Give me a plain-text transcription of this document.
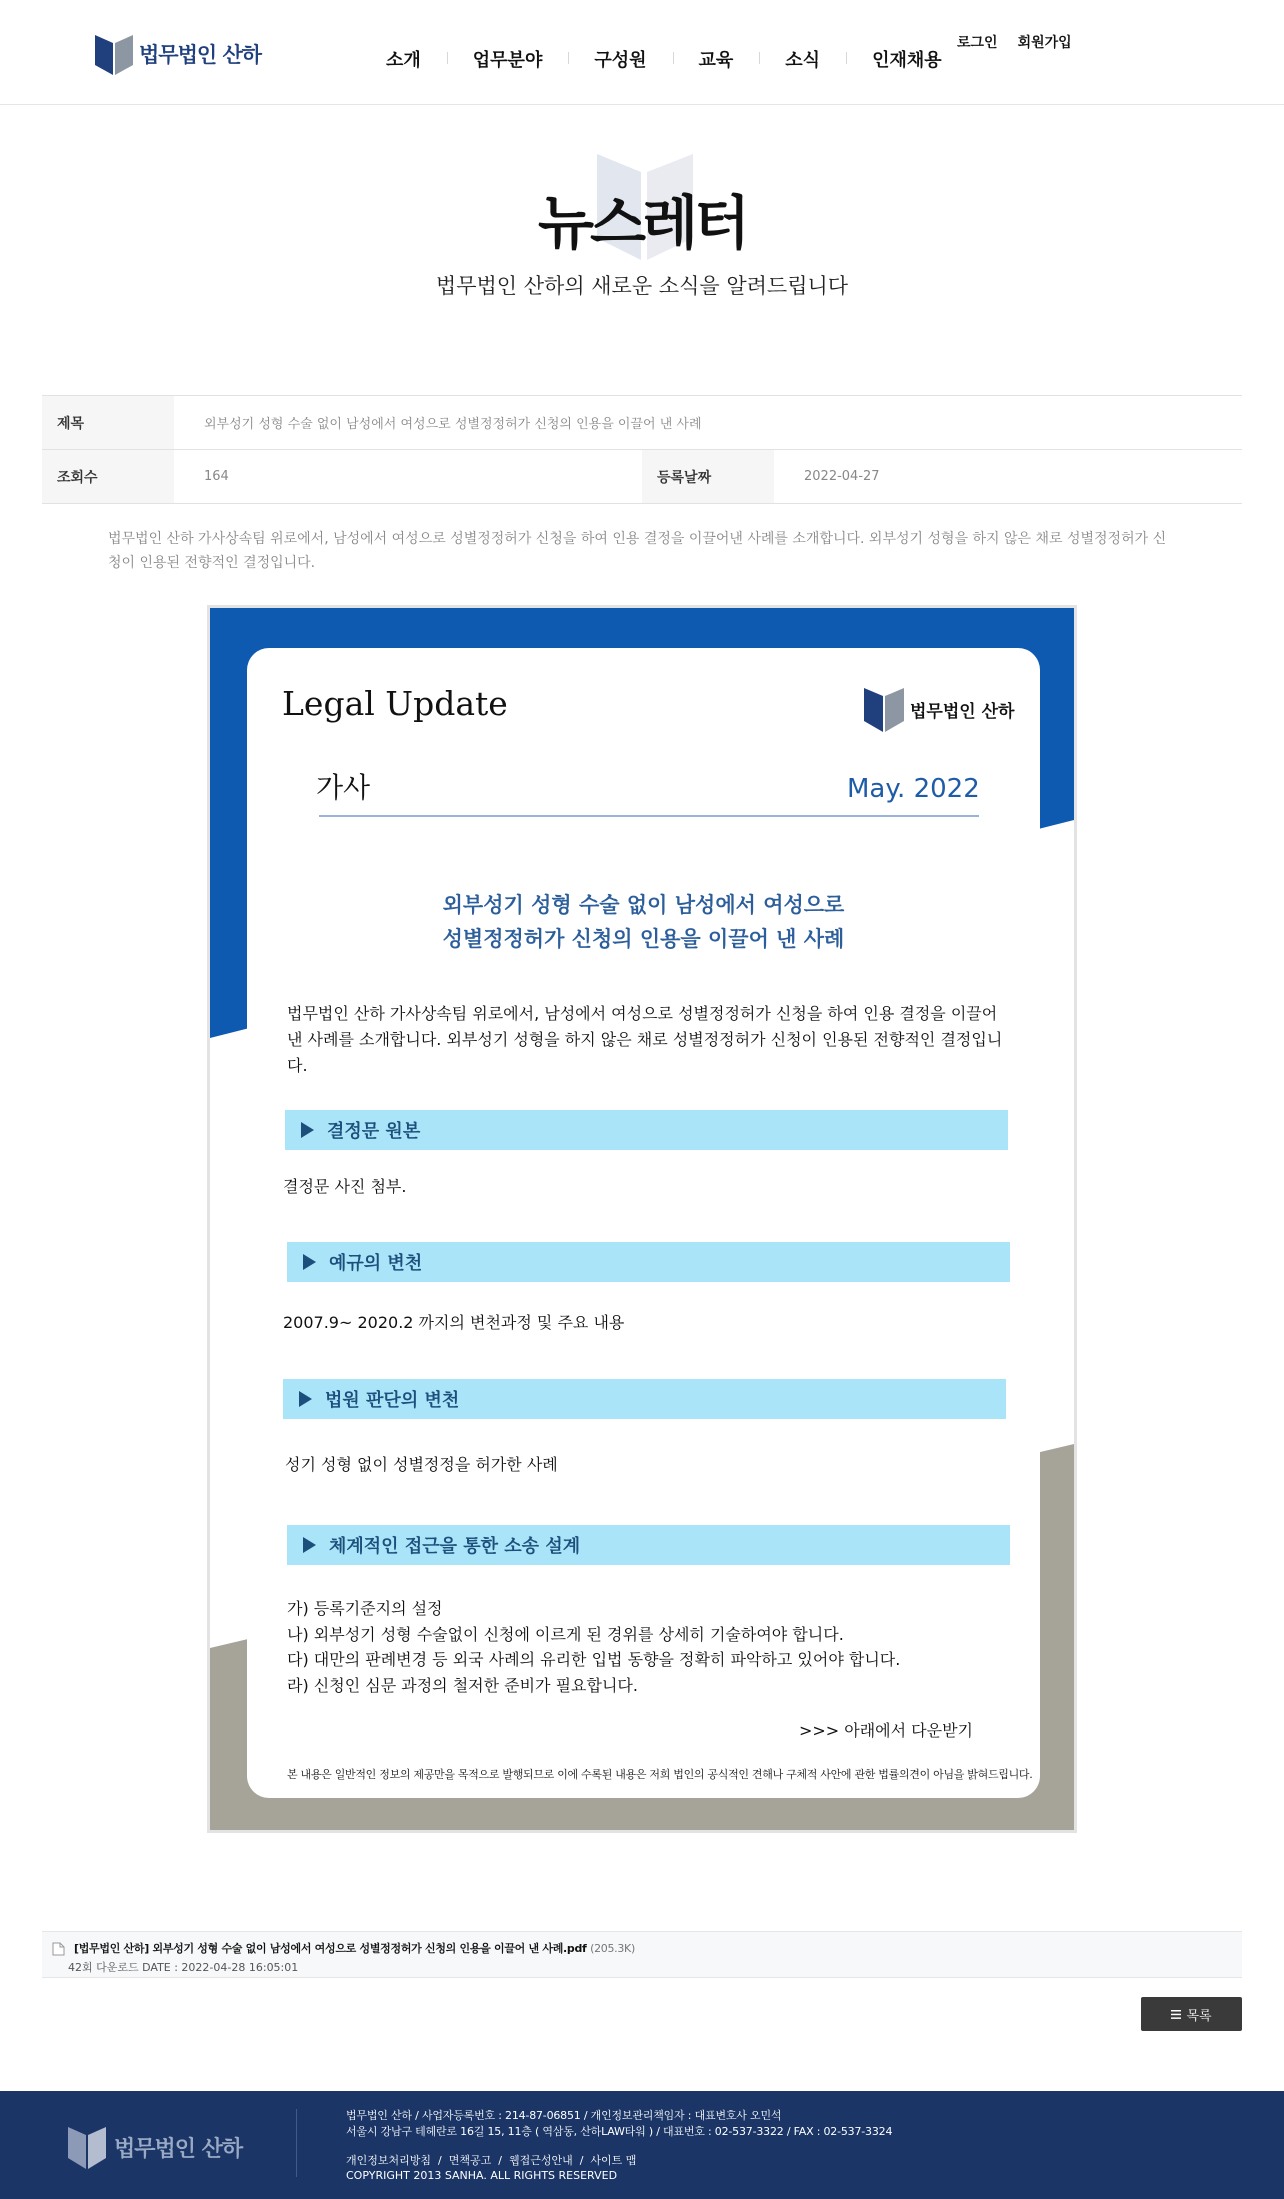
법무법인 산하	소개	업무분야	구성원	교육	소식	인재채용
로그인 회원가입
뉴스레터

법무법인 산하의 새로운 소식을 알려드립니다

제목	외부성기 성형 수술 없이 남성에서 여성으로 성별정정허가 신청의 인용을 이끌어 낸 사례
조회수	164	등록날짜	2022-04-27

법무법인 산하 가사상속팀 위로에서, 남성에서 여성으로 성별정정허가 신청을 하여 인용 결정을 이끌어낸 사례를 소개합니다. 외부성기 성형을 하지 않은 채로 성별정정허가 신청이 인용된 전향적인 결정입니다.

Legal Update	법무법인 산하
가사	May. 2022
외부성기 성형 수술 없이 남성에서 여성으로
성별정정허가 신청의 인용을 이끌어 낸 사례

법무법인 산하 가사상속팀 위로에서, 남성에서 여성으로 성별정정허가 신청을 하여 인용 결정을 이끌어낸 사례를 소개합니다. 외부성기 성형을 하지 않은 채로 성별정정허가 신청이 인용된 전향적인 결정입니다.

결정문 원본
결정문 사진 첨부.
예규의 변천
2007.9~ 2020.2 까지의 변천과정 및 주요 내용
법원 판단의 변천
성기 성형 없이 성별정정을 허가한 사례
체계적인 접근을 통한 소송 설계
가) 등록기준지의 설정
나) 외부성기 성형 수술없이 신청에 이르게 된 경위를 상세히 기술하여야 합니다.
다) 대만의 판례변경 등 외국 사례의 유리한 입법 동향을 정확히 파악하고 있어야 합니다.
라) 신청인 심문 과정의 철저한 준비가 필요합니다.
>>> 아래에서 다운받기
본 내용은 일반적인 정보의 제공만을 목적으로 발행되므로 이에 수록된 내용은 저희 법인의 공식적인 견해나 구체적 사안에 관한 법률의견이 아님을 밝혀드립니다.
[법무법인 산하] 외부성기 성형 수술 없이 남성에서 여성으로 성별정정허가 신청의 인용을 이끌어 낸 사례.pdf (205.3K)
42회 다운로드 DATE : 2022-04-28 16:05:01
목록
법무법인 산하
법무법인 산하 / 사업자등록번호 : 214-87-06851 / 개인정보관리책임자 : 대표변호사 오민석
서울시 강남구 테헤란로 16길 15, 11층 ( 역삼동, 산하LAW타워 ) / 대표번호 : 02-537-3322 / FAX : 02-537-3324
개인정보처리방침  /  면책공고  /  웹접근성안내  /  사이트 맵
COPYRIGHT 2013 SANHA. ALL RIGHTS RESERVED
